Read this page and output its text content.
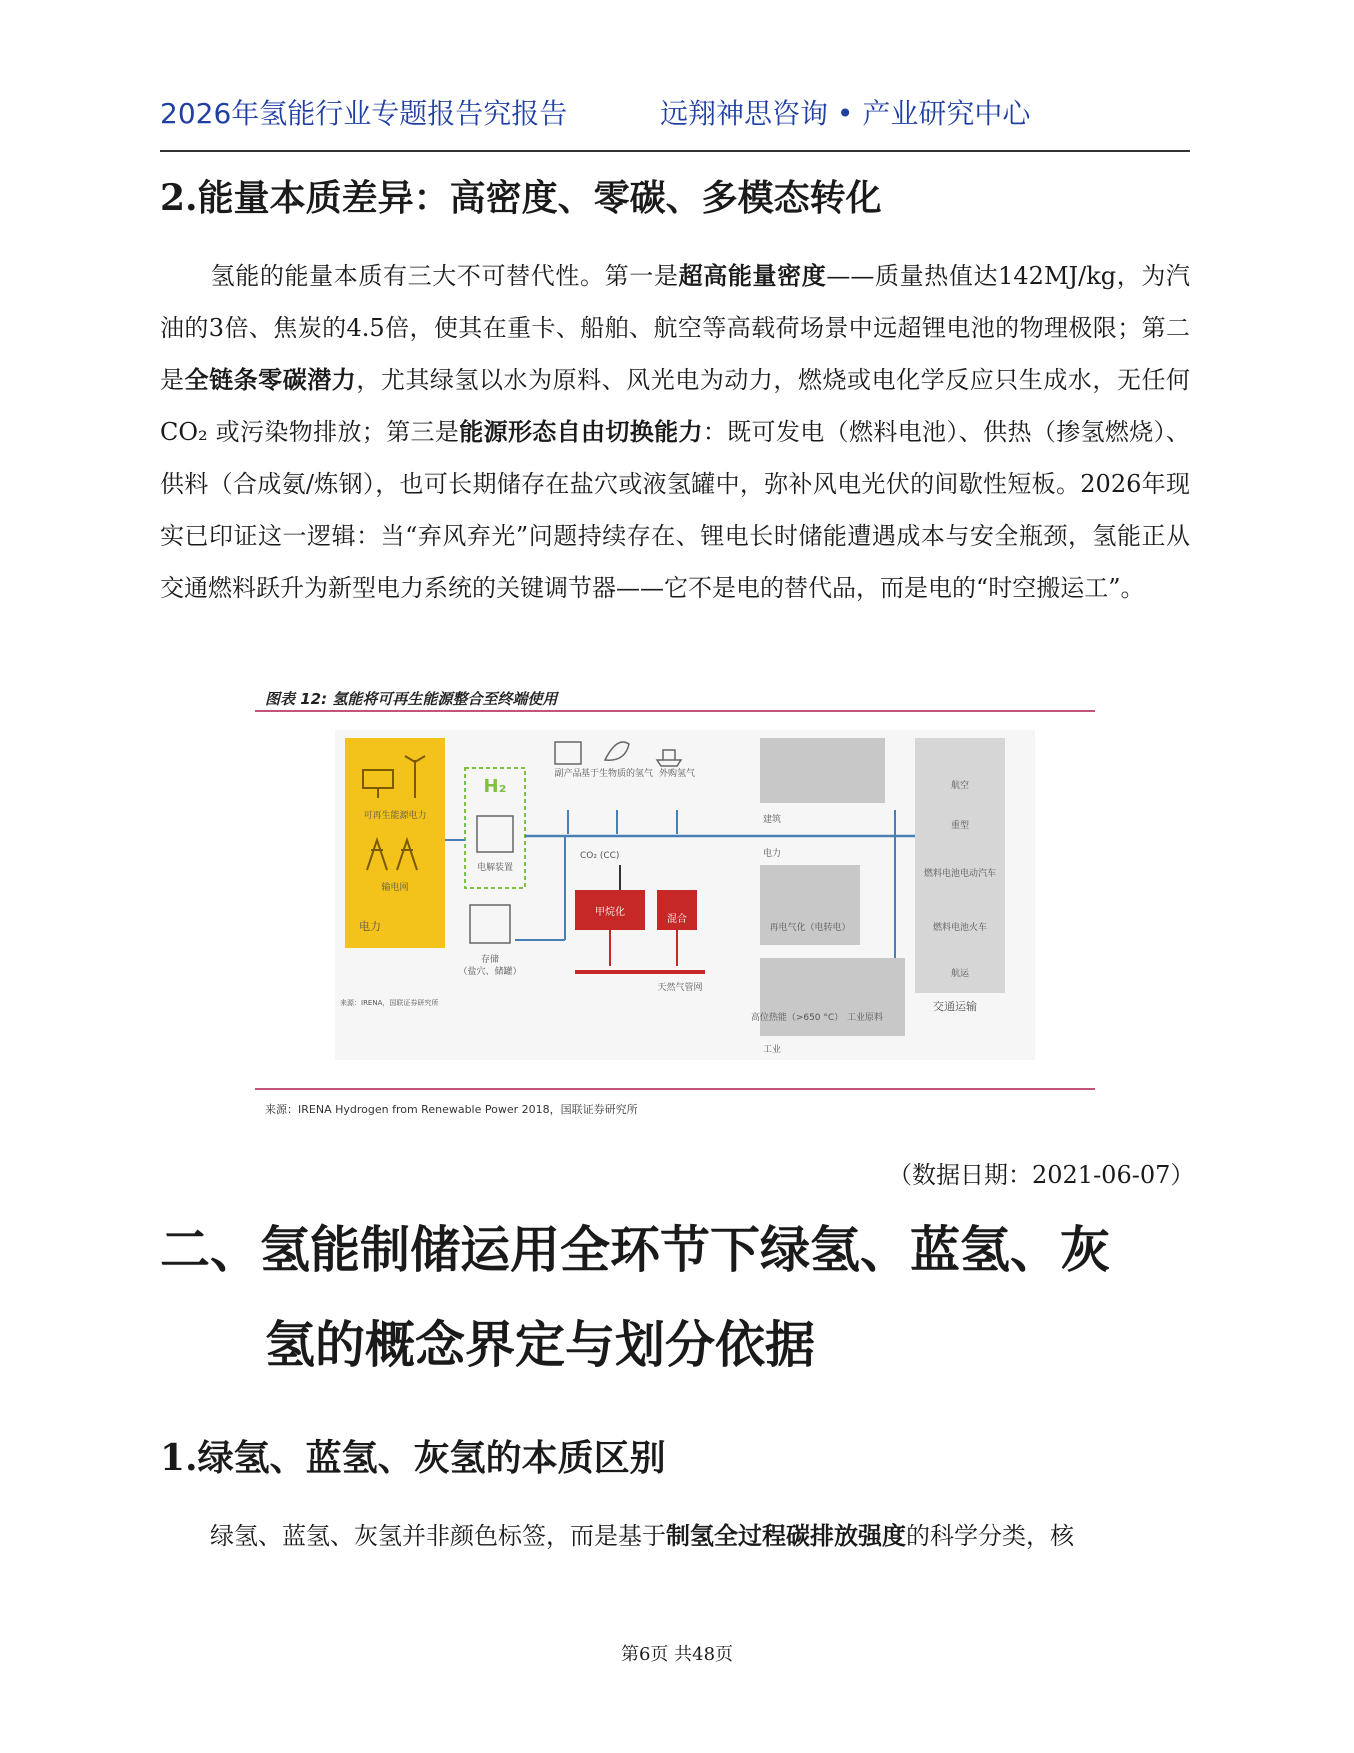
2026年氢能行业专题报告究报告	远翔神思咨询 • 产业研究中心
2.能量本质差异：高密度、零碳、多模态转化
氢能的能量本质有三大不可替代性。第一是超高能量密度——质量热值达142MJ/kg，为汽油的3倍、焦炭的4.5倍，使其在重卡、船舶、航空等高载荷场景中远超锂电池的物理极限；第二是全链条零碳潜力，尤其绿氢以水为原料、风光电为动力，燃烧或电化学反应只生成水，无任何CO₂ 或污染物排放；第三是能源形态自由切换能力：既可发电（燃料电池）、供热（掺氢燃烧）、供料（合成氨/炼钢），也可长期储存在盐穴或液氢罐中，弥补风电光伏的间歇性短板。2026年现实已印证这一逻辑：当“弃风弃光”问题持续存在、锂电长时储能遭遇成本与安全瓶颈，氢能正从交通燃料跃升为新型电力系统的关键调节器——它不是电的替代品，而是电的“时空搬运工”。
图表 12: 氢能将可再生能源整合至终端使用
可再生能源电力
输电网
电力
H₂
电解装置
存储
（盐穴、储罐）
副产品 基于生物质的氢气 外购氢气
CO₂ (CC)
甲烷化
混合
天然气管网
建筑
电力
再电气化（电转电）
高位热能（>650 °C） 工业原料
工业
航空
重型
燃料电池电动汽车
燃料电池火车
航运
交通运输
来源：IRENA，国联证券研究所
来源：IRENA Hydrogen from Renewable Power 2018，国联证券研究所
（数据日期：2021-06-07）
二、氢能制储运用全环节下绿氢、蓝氢、灰
氢的概念界定与划分依据
1.绿氢、蓝氢、灰氢的本质区别
绿氢、蓝氢、灰氢并非颜色标签，而是基于制氢全过程碳排放强度的科学分类，核
第6页 共48页
